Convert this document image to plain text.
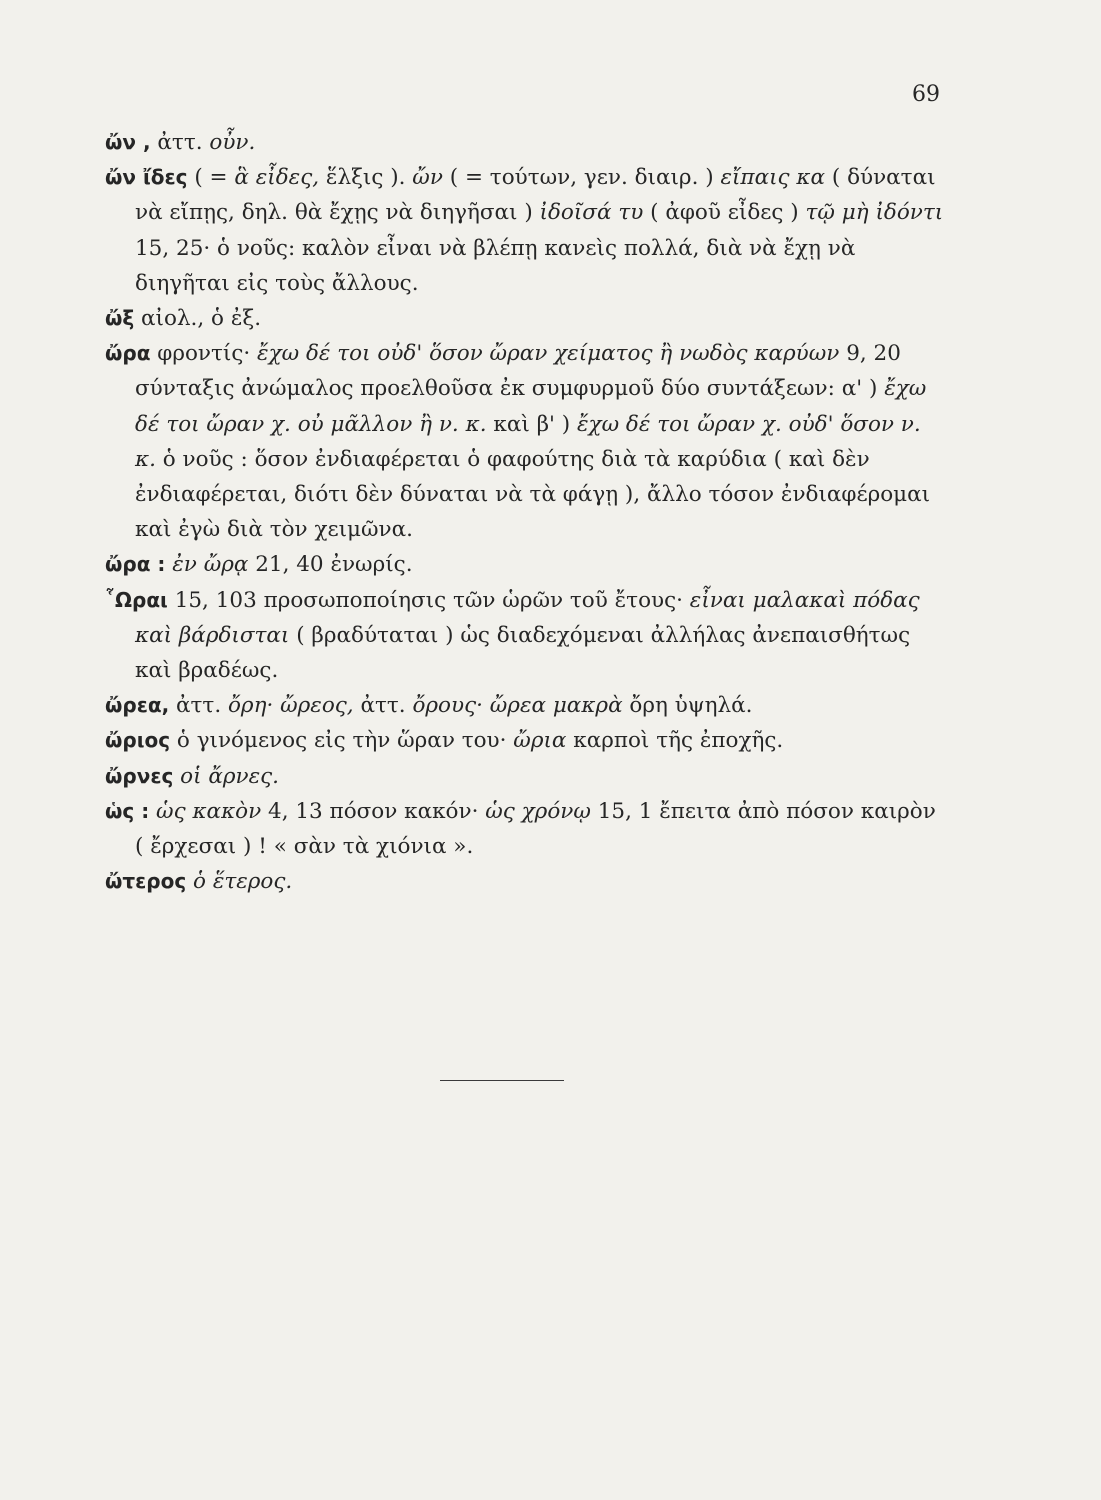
69

ὤν , ἀττ. οὖν.

ὤν ἴδες ( = ἃ εἶδες, ἕλξις ). ὤν ( = τούτων, γεν. διαιρ. ) εἴπαις κα ( δύναται νὰ εἴπῃς, δηλ. θὰ ἔχῃς νὰ διηγῆσαι ) ἰδοῖσά τυ ( ἀφοῦ εἶδες ) τῷ μὴ ἰδόντι 15, 25· ὁ νοῦς: καλὸν εἶναι νὰ βλέπῃ κανεὶς πολλά, διὰ νὰ ἔχῃ νὰ διηγῆται εἰς τοὺς ἄλλους.

ὤξ αἰολ., ὁ ἐξ.

ὤρα φροντίς· ἔχω δέ τοι οὐδ' ὅσον ὤραν χείματος ἢ νωδὸς καρύων 9, 20 σύνταξις ἀνώμαλος προελθοῦσα ἐκ συμφυρμοῦ δύο συντάξεων: α' ) ἔχω δέ τοι ὤραν χ. οὐ μᾶλλον ἢ ν. κ. καὶ β' ) ἔχω δέ τοι ὤραν χ. οὐδ' ὅσον ν. κ. ὁ νοῦς : ὅσον ἐνδιαφέρεται ὁ φαφούτης διὰ τὰ καρύδια ( καὶ δὲν ἐνδιαφέρεται, διότι δὲν δύναται νὰ τὰ φάγῃ ), ἄλλο τόσον ἐνδιαφέρομαι καὶ ἐγὼ διὰ τὸν χειμῶνα.

ὤρα : ἐν ὤρᾳ 21, 40 ἐνωρίς.

῟Ωραι 15, 103 προσωποποίησις τῶν ὡρῶν τοῦ ἔτους· εἶναι μαλακαὶ πόδας καὶ βάρδισται ( βραδύταται ) ὡς διαδεχόμεναι ἀλλήλας ἀνεπαισθήτως καὶ βραδέως.

ὤρεα, ἀττ. ὄρη· ὤρεος, ἀττ. ὄρους· ὤρεα μακρὰ ὄρη ὑψηλά.

ὤριος ὁ γινόμενος εἰς τὴν ὥραν του· ὤρια καρποὶ τῆς ἐποχῆς.

ὤρνες οἱ ἄρνες.

ὡς : ὡς κακὸν 4, 13 πόσον κακόν· ὡς χρόνῳ 15, 1 ἔπειτα ἀπὸ πόσον καιρὸν ( ἔρχεσαι ) ! « σὰν τὰ χιόνια ».

ὤτερος ὁ ἕτερος.
